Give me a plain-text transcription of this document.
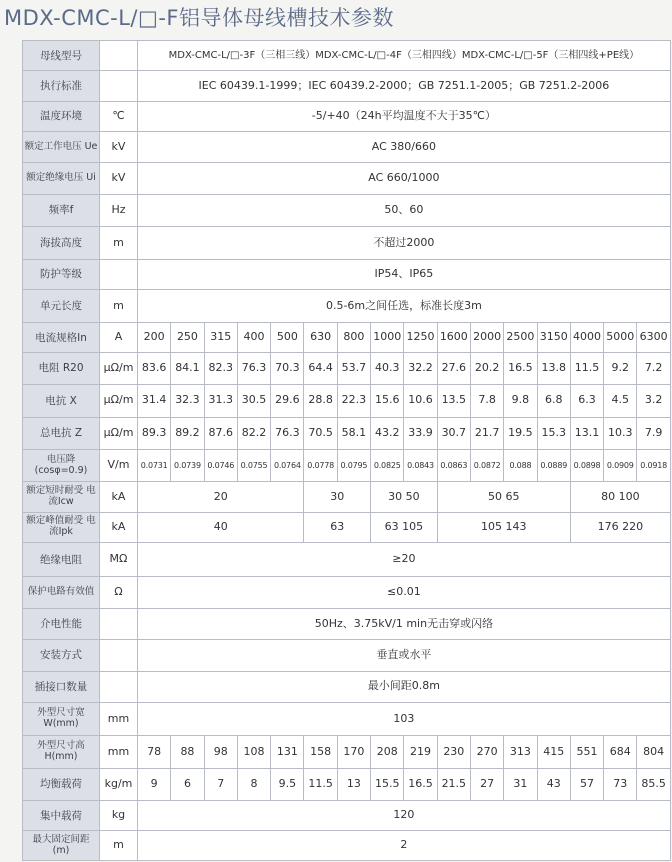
MDX-CMC-L/□-F铝导体母线槽技术参数
母线型号		MDX-CMC-L/□-3F（三相三线）MDX-CMC-L/□-4F（三相四线）MDX-CMC-L/□-5F（三相四线+PE线）															
执行标准		IEC 60439.1-1999；IEC 60439.2-2000；GB 7251.1-2005；GB 7251.2-2006															
温度环境	℃	-5/+40（24h平均温度不大于35℃）															
额定工作电压 Ue	kV	AC 380/660															
额定绝缘电压 Ui	kV	AC 660/1000															
频率f	Hz	50、60															
海拔高度	m	不超过2000															
防护等级		IP54、IP65															
单元长度	m	0.5-6m之间任选，标准长度3m															
电流规格In	A	200	250	315	400	500	630	800	1000	1250	1600	2000	2500	3150	4000	5000	6300
电阻 R20	μΩ/m	83.6	84.1	82.3	76.3	70.3	64.4	53.7	40.3	32.2	27.6	20.2	16.5	13.8	11.5	9.2	7.2
电抗 X	μΩ/m	31.4	32.3	31.3	30.5	29.6	28.8	22.3	15.6	10.6	13.5	7.8	9.8	6.8	6.3	4.5	3.2
总电抗 Z	μΩ/m	89.3	89.2	87.6	82.2	76.3	70.5	58.1	43.2	33.9	30.7	21.7	19.5	15.3	13.1	10.3	7.9
电压降 (cosφ=0.9)	V/m	0.0731	0.0739	0.0746	0.0755	0.0764	0.0778	0.0795	0.0825	0.0843	0.0863	0.0872	0.088	0.0889	0.0898	0.0909	0.0918
额定短时耐受 电流Icw	kA	20					30		30 50		50 65				80 100		
额定峰值耐受 电流Ipk	kA	40					63		63 105		105 143				176 220		
绝缘电阻	MΩ	≥20															
保护电路有效值	Ω	≤0.01															
介电性能		50Hz、3.75kV/1 min无击穿或闪络															
安装方式		垂直或水平															
插接口数量		最小间距0.8m															
外型尺寸宽 W(mm)	mm	103															
外型尺寸高 H(mm)	mm	78	88	98	108	131	158	170	208	219	230	270	313	415	551	684	804
均衡载荷	kg/m	9	6	7	8	9.5	11.5	13	15.5	16.5	21.5	27	31	43	57	73	85.5
集中载荷	kg	120															
最大固定间距 (m)	m	2															
